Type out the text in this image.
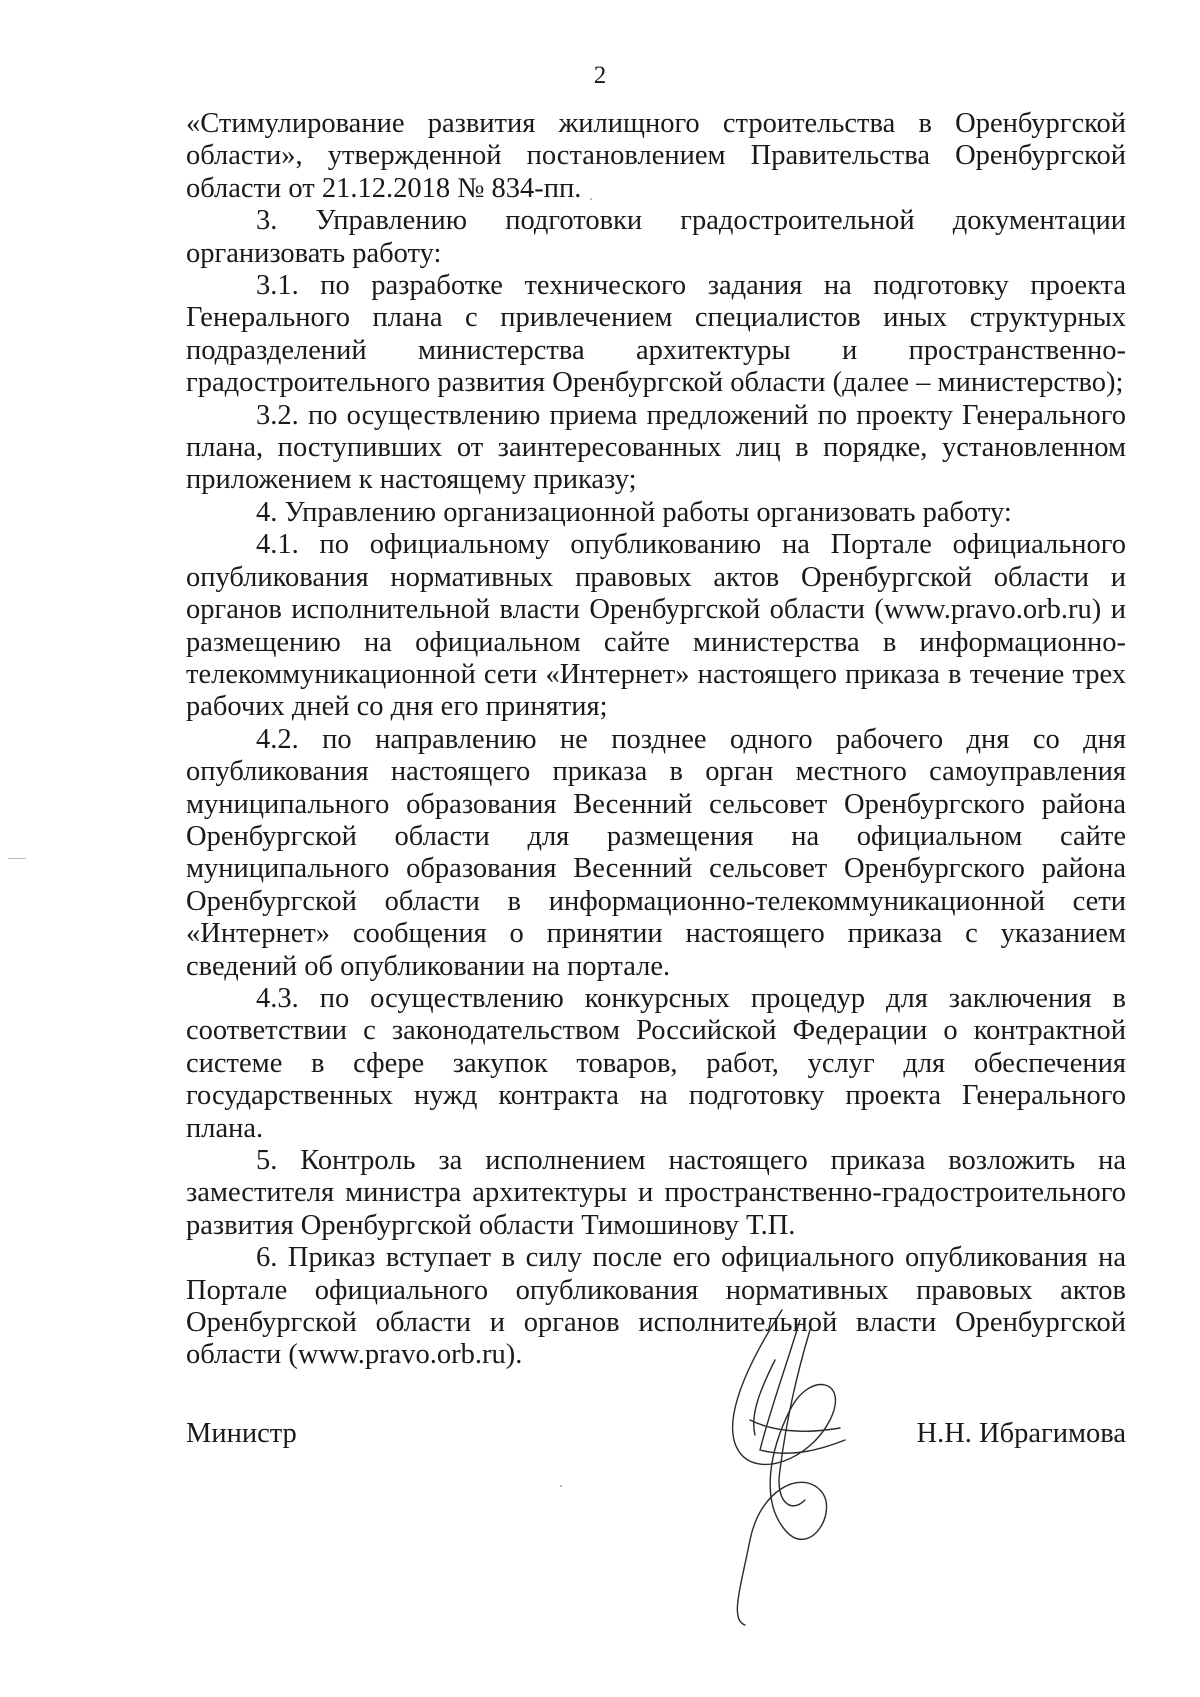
2

«Стимулирование развития жилищного строительства в Оренбургской области», утвержденной постановлением Правительства Оренбургской области от 21.12.2018 № 834-пп.

3. Управлению подготовки градостроительной документации организовать работу:

3.1. по разработке технического задания на подготовку проекта Генерального плана с привлечением специалистов иных структурных подразделений министерства архитектуры и пространственно-градостроительного развития Оренбургской области (далее – министерство);

3.2. по осуществлению приема предложений по проекту Генерального плана, поступивших от заинтересованных лиц в порядке, установленном приложением к настоящему приказу;

4. Управлению организационной работы организовать работу:

4.1. по официальному опубликованию на Портале официального опубликования нормативных правовых актов Оренбургской области и органов исполнительной власти Оренбургской области (www.pravo.orb.ru) и размещению на официальном сайте министерства в информационно-телекоммуникационной сети «Интернет» настоящего приказа в течение трех рабочих дней со дня его принятия;

4.2. по направлению не позднее одного рабочего дня со дня опубликования настоящего приказа в орган местного самоуправления муниципального образования Весенний сельсовет Оренбургского района Оренбургской области для размещения на официальном сайте муниципального образования Весенний сельсовет Оренбургского района Оренбургской области в информационно-телекоммуникационной сети «Интернет» сообщения о принятии настоящего приказа с указанием сведений об опубликовании на портале.

4.3. по осуществлению конкурсных процедур для заключения в соответствии с законодательством Российской Федерации о контрактной системе в сфере закупок товаров, работ, услуг для обеспечения государственных нужд контракта на подготовку проекта Генерального плана.

5. Контроль за исполнением настоящего приказа возложить на заместителя министра архитектуры и пространственно-градостроительного развития Оренбургской области Тимошинову Т.П.

6. Приказ вступает в силу после его официального опубликования на Портале официального опубликования нормативных правовых актов Оренбургской области и органов исполнительной власти Оренбургской области (www.pravo.orb.ru).

Министр	Н.Н. Ибрагимова
